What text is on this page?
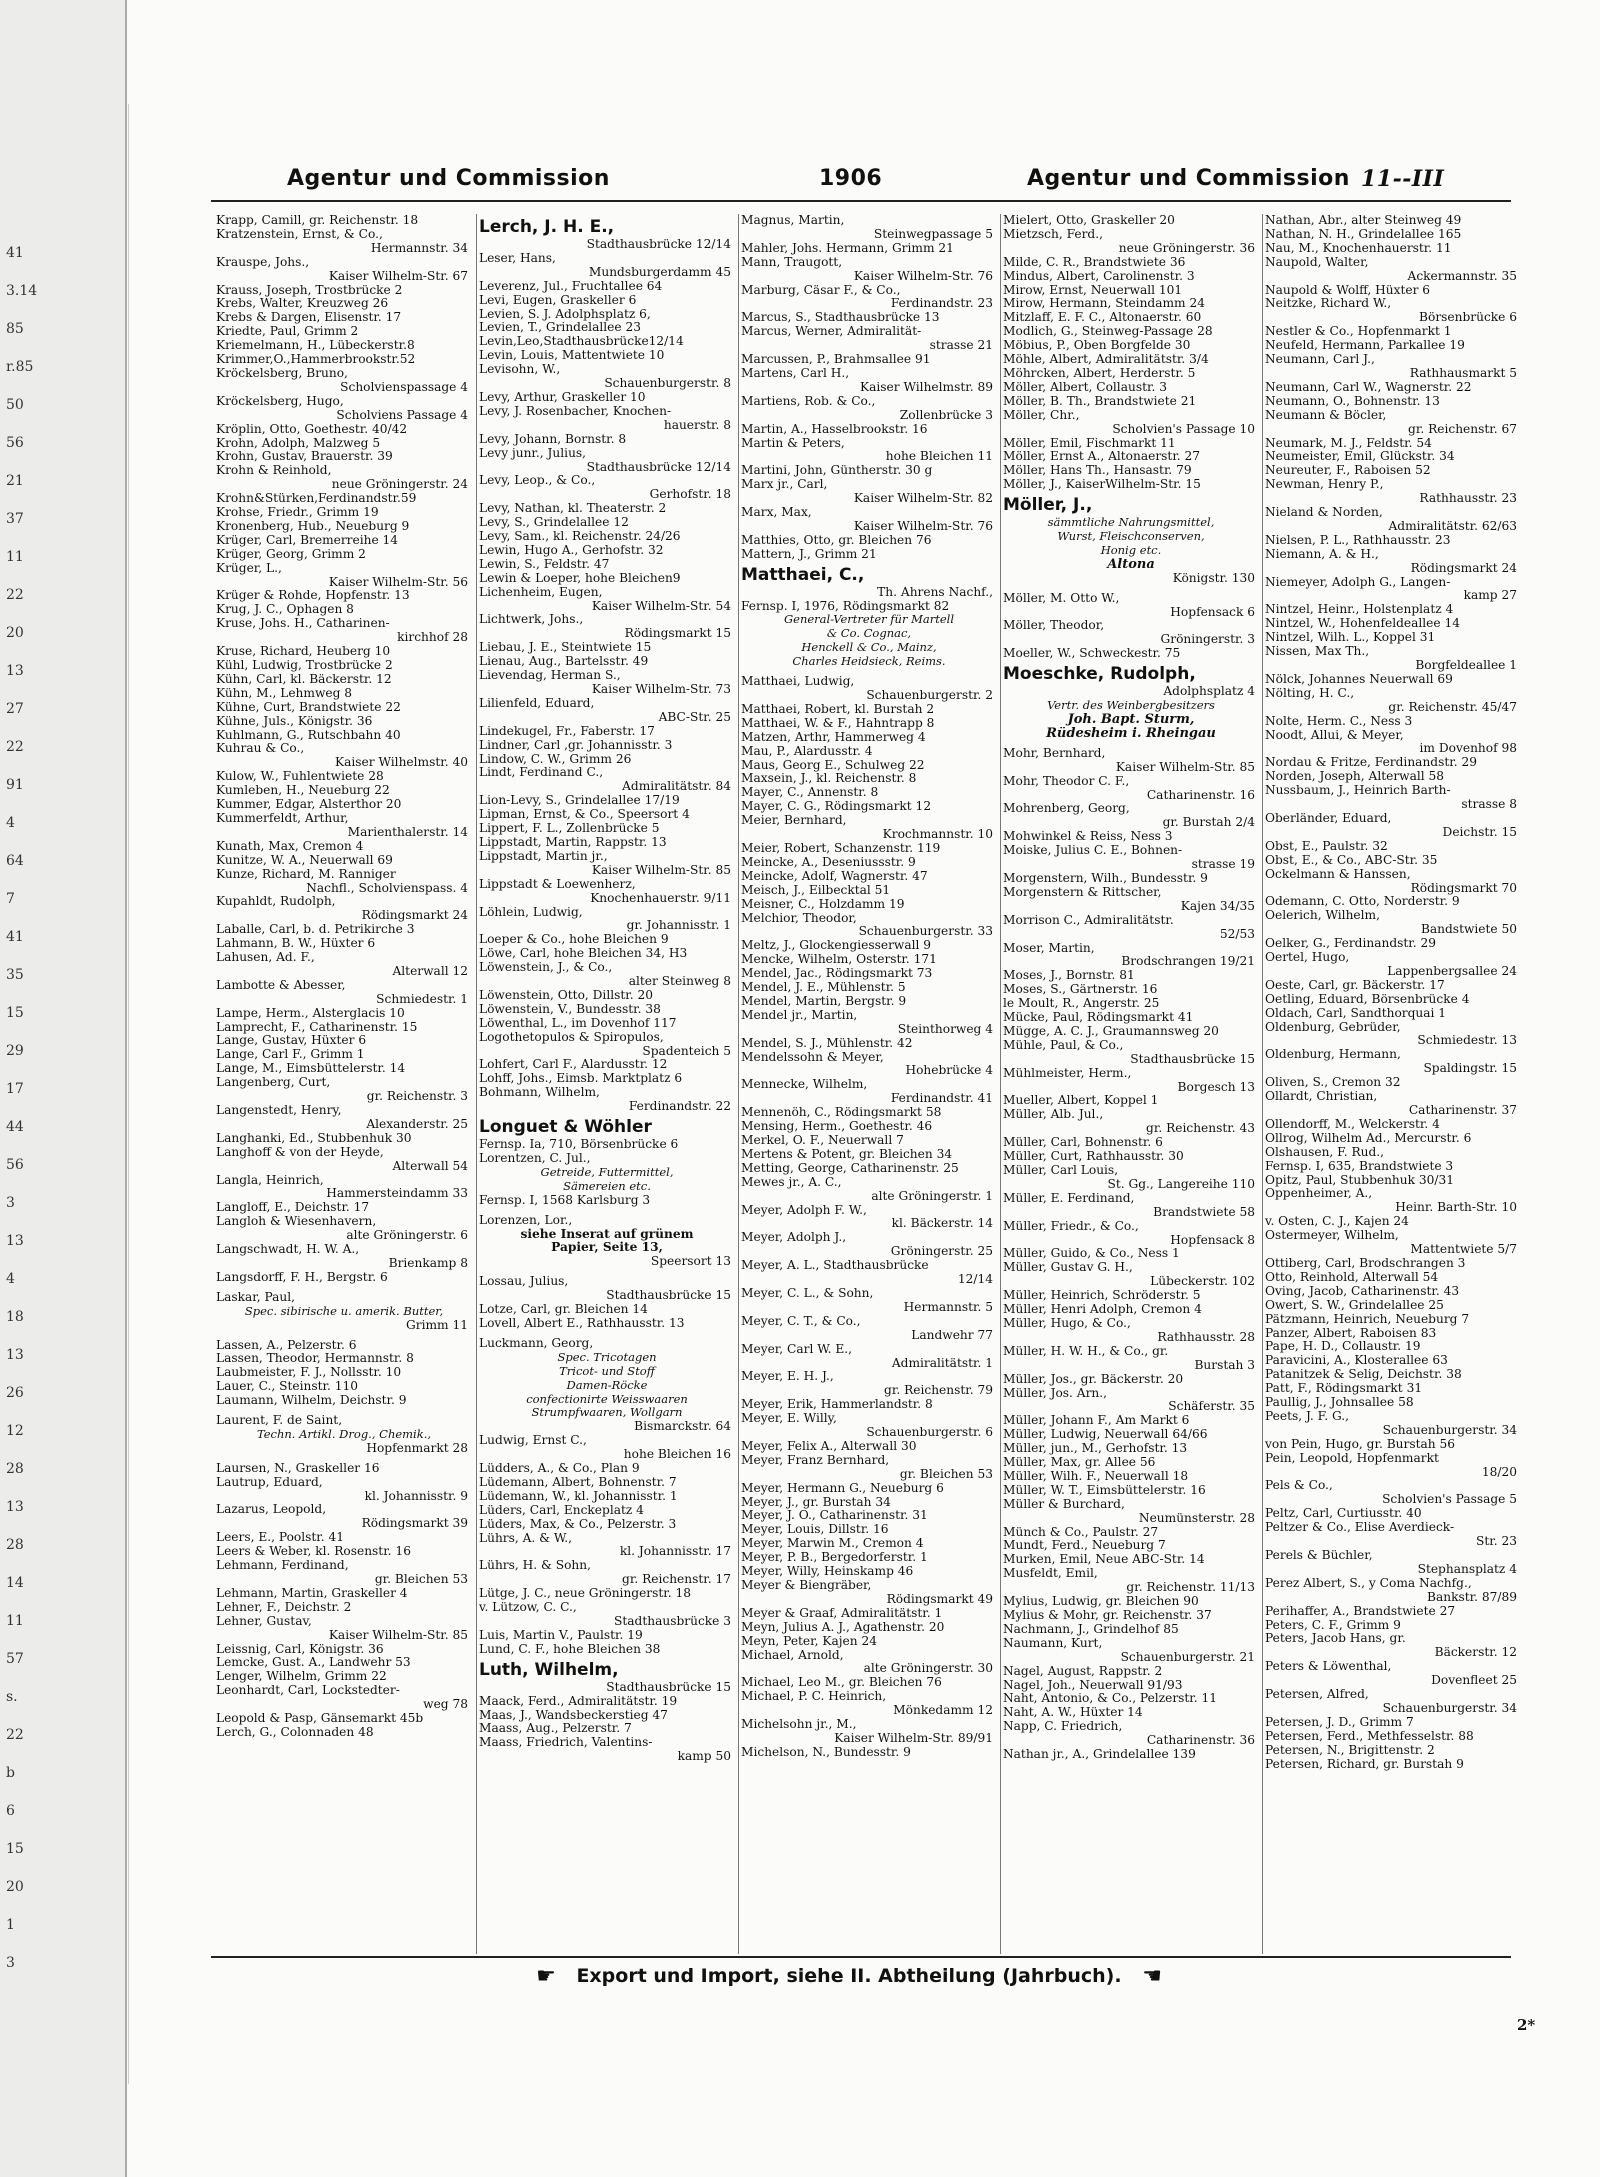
41
3.14
85
r.85
50
56
21
37
11
22
20
13
27
22
91
4
64
7
41
35
15
29
17
44
56
3
13
4
18
13
26
12
28
13
28
14
11
57
s.
22
b
6
15
20
1
3
Agentur und Commission	1906	Agentur und Commission 11--III
Krapp, Camill, gr. Reichenstr. 18
Kratzenstein, Ernst, & Co.,
Hermannstr. 34
Krauspe, Johs.,
Kaiser Wilhelm-Str. 67
Krauss, Joseph, Trostbrücke 2
Krebs, Walter, Kreuzweg 26
Krebs & Dargen, Elisenstr. 17
Kriedte, Paul, Grimm 2
Kriemelmann, H., Lübeckerstr.8
Krimmer,O.,Hammerbrookstr.52
Kröckelsberg, Bruno,
Scholvienspassage 4
Kröckelsberg, Hugo,
Scholviens Passage 4
Kröplin, Otto, Goethestr. 40/42
Krohn, Adolph, Malzweg 5
Krohn, Gustav, Brauerstr. 39
Krohn & Reinhold,
neue Gröningerstr. 24
Krohn&Stürken,Ferdinandstr.59
Krohse, Friedr., Grimm 19
Kronenberg, Hub., Neueburg 9
Krüger, Carl, Bremerreihe 14
Krüger, Georg, Grimm 2
Krüger, L.,
Kaiser Wilhelm-Str. 56
Krüger & Rohde, Hopfenstr. 13
Krug, J. C., Ophagen 8
Kruse, Johs. H., Catharinen-
kirchhof 28
Kruse, Richard, Heuberg 10
Kühl, Ludwig, Trostbrücke 2
Kühn, Carl, kl. Bäckerstr. 12
Kühn, M., Lehmweg 8
Kühne, Curt, Brandstwiete 22
Kühne, Juls., Königstr. 36
Kuhlmann, G., Rutschbahn 40
Kuhrau & Co.,
Kaiser Wilhelmstr. 40
Kulow, W., Fuhlentwiete 28
Kumleben, H., Neueburg 22
Kummer, Edgar, Alsterthor 20
Kummerfeldt, Arthur,
Marienthalerstr. 14
Kunath, Max, Cremon 4
Kunitze, W. A., Neuerwall 69
Kunze, Richard, M. Ranniger
Nachfl., Scholvienspass. 4
Kupahldt, Rudolph,
Rödingsmarkt 24
Laballe, Carl, b. d. Petrikirche 3
Lahmann, B. W., Hüxter 6
Lahusen, Ad. F.,
Alterwall 12
Lambotte & Abesser,
Schmiedestr. 1
Lampe, Herm., Alsterglacis 10
Lamprecht, F., Catharinenstr. 15
Lange, Gustav, Hüxter 6
Lange, Carl F., Grimm 1
Lange, M., Eimsbüttelerstr. 14
Langenberg, Curt,
gr. Reichenstr. 3
Langenstedt, Henry,
Alexanderstr. 25
Langhanki, Ed., Stubbenhuk 30
Langhoff & von der Heyde,
Alterwall 54
Langla, Heinrich,
Hammersteindamm 33
Langloff, E., Deichstr. 17
Langloh & Wiesenhavern,
alte Gröningerstr. 6
Langschwadt, H. W. A.,
Brienkamp 8
Langsdorff, F. H., Bergstr. 6
Laskar, Paul,
Spec. sibirische u. amerik. Butter,
Grimm 11
Lassen, A., Pelzerstr. 6
Lassen, Theodor, Hermannstr. 8
Laubmeister, F. J., Nollsstr. 10
Lauer, C., Steinstr. 110
Laumann, Wilhelm, Deichstr. 9
Laurent, F. de Saint,
Techn. Artikl. Drog., Chemik.,
Hopfenmarkt 28
Laursen, N., Graskeller 16
Lautrup, Eduard,
kl. Johannisstr. 9
Lazarus, Leopold,
Rödingsmarkt 39
Leers, E., Poolstr. 41
Leers & Weber, kl. Rosenstr. 16
Lehmann, Ferdinand,
gr. Bleichen 53
Lehmann, Martin, Graskeller 4
Lehner, F., Deichstr. 2
Lehner, Gustav,
Kaiser Wilhelm-Str. 85
Leissnig, Carl, Königstr. 36
Lemcke, Gust. A., Landwehr 53
Lenger, Wilhelm, Grimm 22
Leonhardt, Carl, Lockstedter-
weg 78
Leopold & Pasp, Gänsemarkt 45b
Lerch, G., Colonnaden 48
Lerch, J. H. E.,
Stadthausbrücke 12/14
Leser, Hans,
Mundsburgerdamm 45
Leverenz, Jul., Fruchtallee 64
Levi, Eugen, Graskeller 6
Levien, S. J. Adolphsplatz 6,
Levien, T., Grindelallee 23
Levin,Leo,Stadthausbrücke12/14
Levin, Louis, Mattentwiete 10
Levisohn, W.,
Schauenburgerstr. 8
Levy, Arthur, Graskeller 10
Levy, J. Rosenbacher, Knochen-
hauerstr. 8
Levy, Johann, Bornstr. 8
Levy junr., Julius,
Stadthausbrücke 12/14
Levy, Leop., & Co.,
Gerhofstr. 18
Levy, Nathan, kl. Theaterstr. 2
Levy, S., Grindelallee 12
Levy, Sam., kl. Reichenstr. 24/26
Lewin, Hugo A., Gerhofstr. 32
Lewin, S., Feldstr. 47
Lewin & Loeper, hohe Bleichen9
Lichenheim, Eugen,
Kaiser Wilhelm-Str. 54
Lichtwerk, Johs.,
Rödingsmarkt 15
Liebau, J. E., Steintwiete 15
Lienau, Aug., Bartelsstr. 49
Lievendag, Herman S.,
Kaiser Wilhelm-Str. 73
Lilienfeld, Eduard,
ABC-Str. 25
Lindekugel, Fr., Faberstr. 17
Lindner, Carl ,gr. Johannisstr. 3
Lindow, C. W., Grimm 26
Lindt, Ferdinand C.,
Admiralitätstr. 84
Lion-Levy, S., Grindelallee 17/19
Lipman, Ernst, & Co., Speersort 4
Lippert, F. L., Zollenbrücke 5
Lippstadt, Martin, Rappstr. 13
Lippstadt, Martin jr.,
Kaiser Wilhelm-Str. 85
Lippstadt & Loewenherz,
Knochenhauerstr. 9/11
Löhlein, Ludwig,
gr. Johannisstr. 1
Loeper & Co., hohe Bleichen 9
Löwe, Carl, hohe Bleichen 34, H3
Löwenstein, J., & Co.,
alter Steinweg 8
Löwenstein, Otto, Dillstr. 20
Löwenstein, V., Bundesstr. 38
Löwenthal, L., im Dovenhof 117
Logothetopulos & Spiropulos,
Spadenteich 5
Lohfert, Carl F., Alardusstr. 12
Lohff, Johs., Eimsb. Marktplatz 6
Bohmann, Wilhelm,
Ferdinandstr. 22
Longuet & Wöhler
Fernsp. Ia, 710, Börsenbrücke 6
Lorentzen, C. Jul.,
Getreide, Futtermittel,
Sämereien etc.
Fernsp. I, 1568 Karlsburg 3
Lorenzen, Lor.,
siehe Inserat auf grünem
Papier, Seite 13,
Speersort 13
Lossau, Julius,
Stadthausbrücke 15
Lotze, Carl, gr. Bleichen 14
Lovell, Albert E., Rathhausstr. 13
Luckmann, Georg,
Spec. Tricotagen
Tricot- und Stoff
Damen-Röcke
confectionirte Weisswaaren
Strumpfwaaren, Wollgarn
Bismarckstr. 64
Ludwig, Ernst C.,
hohe Bleichen 16
Lüdders, A., & Co., Plan 9
Lüdemann, Albert, Bohnenstr. 7
Lüdemann, W., kl. Johannisstr. 1
Lüders, Carl, Enckeplatz 4
Lüders, Max, & Co., Pelzerstr. 3
Lührs, A. & W.,
kl. Johannisstr. 17
Lührs, H. & Sohn,
gr. Reichenstr. 17
Lütge, J. C., neue Gröningerstr. 18
v. Lützow, C. C.,
Stadthausbrücke 3
Luis, Martin V., Paulstr. 19
Lund, C. F., hohe Bleichen 38
Luth, Wilhelm,
Stadthausbrücke 15
Maack, Ferd., Admiralitätstr. 19
Maas, J., Wandsbeckerstieg 47
Maass, Aug., Pelzerstr. 7
Maass, Friedrich, Valentins-
kamp 50
Magnus, Martin,
Steinwegpassage 5
Mahler, Johs. Hermann, Grimm 21
Mann, Traugott,
Kaiser Wilhelm-Str. 76
Marburg, Cäsar F., & Co.,
Ferdinandstr. 23
Marcus, S., Stadthausbrücke 13
Marcus, Werner, Admiralität-
strasse 21
Marcussen, P., Brahmsallee 91
Martens, Carl H.,
Kaiser Wilhelmstr. 89
Martiens, Rob. & Co.,
Zollenbrücke 3
Martin, A., Hasselbrookstr. 16
Martin & Peters,
hohe Bleichen 11
Martini, John, Güntherstr. 30 g
Marx jr., Carl,
Kaiser Wilhelm-Str. 82
Marx, Max,
Kaiser Wilhelm-Str. 76
Matthies, Otto, gr. Bleichen 76
Mattern, J., Grimm 21
Matthaei, C.,
Th. Ahrens Nachf.,
Fernsp. I, 1976, Rödingsmarkt 82
General-Vertreter für Martell
& Co. Cognac,
Henckell & Co., Mainz,
Charles Heidsieck, Reims.
Matthaei, Ludwig,
Schauenburgerstr. 2
Matthaei, Robert, kl. Burstah 2
Matthaei, W. & F., Hahntrapp 8
Matzen, Arthr, Hammerweg 4
Mau, P., Alardusstr. 4
Maus, Georg E., Schulweg 22
Maxsein, J., kl. Reichenstr. 8
Mayer, C., Annenstr. 8
Mayer, C. G., Rödingsmarkt 12
Meier, Bernhard,
Krochmannstr. 10
Meier, Robert, Schanzenstr. 119
Meincke, A., Deseniussstr. 9
Meincke, Adolf, Wagnerstr. 47
Meisch, J., Eilbecktal 51
Meisner, C., Holzdamm 19
Melchior, Theodor,
Schauenburgerstr. 33
Meltz, J., Glockengiesserwall 9
Mencke, Wilhelm, Osterstr. 171
Mendel, Jac., Rödingsmarkt 73
Mendel, J. E., Mühlenstr. 5
Mendel, Martin, Bergstr. 9
Mendel jr., Martin,
Steinthorweg 4
Mendel, S. J., Mühlenstr. 42
Mendelssohn & Meyer,
Hohebrücke 4
Mennecke, Wilhelm,
Ferdinandstr. 41
Mennenöh, C., Rödingsmarkt 58
Mensing, Herm., Goethestr. 46
Merkel, O. F., Neuerwall 7
Mertens & Potent, gr. Bleichen 34
Metting, George, Catharinenstr. 25
Mewes jr., A. C.,
alte Gröningerstr. 1
Meyer, Adolph F. W.,
kl. Bäckerstr. 14
Meyer, Adolph J.,
Gröningerstr. 25
Meyer, A. L., Stadthausbrücke
12/14
Meyer, C. L., & Sohn,
Hermannstr. 5
Meyer, C. T., & Co.,
Landwehr 77
Meyer, Carl W. E.,
Admiralitätstr. 1
Meyer, E. H. J.,
gr. Reichenstr. 79
Meyer, Erik, Hammerlandstr. 8
Meyer, E. Willy,
Schauenburgerstr. 6
Meyer, Felix A., Alterwall 30
Meyer, Franz Bernhard,
gr. Bleichen 53
Meyer, Hermann G., Neueburg 6
Meyer, J., gr. Burstah 34
Meyer, J. O., Catharinenstr. 31
Meyer, Louis, Dillstr. 16
Meyer, Marwin M., Cremon 4
Meyer, P. B., Bergedorferstr. 1
Meyer, Willy, Heinskamp 46
Meyer & Biengräber,
Rödingsmarkt 49
Meyer & Graaf, Admiralitätstr. 1
Meyn, Julius A. J., Agathenstr. 20
Meyn, Peter, Kajen 24
Michael, Arnold,
alte Gröningerstr. 30
Michael, Leo M., gr. Bleichen 76
Michael, P. C. Heinrich,
Mönkedamm 12
Michelsohn jr., M.,
Kaiser Wilhelm-Str. 89/91
Michelson, N., Bundesstr. 9
Mielert, Otto, Graskeller 20
Mietzsch, Ferd.,
neue Gröningerstr. 36
Milde, C. R., Brandstwiete 36
Mindus, Albert, Carolinenstr. 3
Mirow, Ernst, Neuerwall 101
Mirow, Hermann, Steindamm 24
Mitzlaff, E. F. C., Altonaerstr. 60
Modlich, G., Steinweg-Passage 28
Möbius, P., Oben Borgfelde 30
Möhle, Albert, Admiralitätstr. 3/4
Möhrcken, Albert, Herderstr. 5
Möller, Albert, Collaustr. 3
Möller, B. Th., Brandstwiete 21
Möller, Chr.,
Scholvien's Passage 10
Möller, Emil, Fischmarkt 11
Möller, Ernst A., Altonaerstr. 27
Möller, Hans Th., Hansastr. 79
Möller, J., KaiserWilhelm-Str. 15
Möller, J.,
sämmtliche Nahrungsmittel,
Wurst, Fleischconserven,
Honig etc.
Altona
Königstr. 130
Möller, M. Otto W.,
Hopfensack 6
Möller, Theodor,
Gröningerstr. 3
Moeller, W., Schweckestr. 75
Moeschke, Rudolph,
Adolphsplatz 4
Vertr. des Weinbergbesitzers
Joh. Bapt. Sturm,
Rüdesheim i. Rheingau
Mohr, Bernhard,
Kaiser Wilhelm-Str. 85
Mohr, Theodor C. F.,
Catharinenstr. 16
Mohrenberg, Georg,
gr. Burstah 2/4
Mohwinkel & Reiss, Ness 3
Moiske, Julius C. E., Bohnen-
strasse 19
Morgenstern, Wilh., Bundesstr. 9
Morgenstern & Rittscher,
Kajen 34/35
Morrison C., Admiralitätstr.
52/53
Moser, Martin,
Brodschrangen 19/21
Moses, J., Bornstr. 81
Moses, S., Gärtnerstr. 16
le Moult, R., Angerstr. 25
Mücke, Paul, Rödingsmarkt 41
Mügge, A. C. J., Graumannsweg 20
Mühle, Paul, & Co.,
Stadthausbrücke 15
Mühlmeister, Herm.,
Borgesch 13
Mueller, Albert, Koppel 1
Müller, Alb. Jul.,
gr. Reichenstr. 43
Müller, Carl, Bohnenstr. 6
Müller, Curt, Rathhausstr. 30
Müller, Carl Louis,
St. Gg., Langereihe 110
Müller, E. Ferdinand,
Brandstwiete 58
Müller, Friedr., & Co.,
Hopfensack 8
Müller, Guido, & Co., Ness 1
Müller, Gustav G. H.,
Lübeckerstr. 102
Müller, Heinrich, Schröderstr. 5
Müller, Henri Adolph, Cremon 4
Müller, Hugo, & Co.,
Rathhausstr. 28
Müller, H. W. H., & Co., gr.
Burstah 3
Müller, Jos., gr. Bäckerstr. 20
Müller, Jos. Arn.,
Schäferstr. 35
Müller, Johann F., Am Markt 6
Müller, Ludwig, Neuerwall 64/66
Müller, jun., M., Gerhofstr. 13
Müller, Max, gr. Allee 56
Müller, Wilh. F., Neuerwall 18
Müller, W. T., Eimsbüttelerstr. 16
Müller & Burchard,
Neumünsterstr. 28
Münch & Co., Paulstr. 27
Mundt, Ferd., Neueburg 7
Murken, Emil, Neue ABC-Str. 14
Musfeldt, Emil,
gr. Reichenstr. 11/13
Mylius, Ludwig, gr. Bleichen 90
Mylius & Mohr, gr. Reichenstr. 37
Nachmann, J., Grindelhof 85
Naumann, Kurt,
Schauenburgerstr. 21
Nagel, August, Rappstr. 2
Nagel, Joh., Neuerwall 91/93
Naht, Antonio, & Co., Pelzerstr. 11
Naht, A. W., Hüxter 14
Napp, C. Friedrich,
Catharinenstr. 36
Nathan jr., A., Grindelallee 139
Nathan, Abr., alter Steinweg 49
Nathan, N. H., Grindelallee 165
Nau, M., Knochenhauerstr. 11
Naupold, Walter,
Ackermannstr. 35
Naupold & Wolff, Hüxter 6
Neitzke, Richard W.,
Börsenbrücke 6
Nestler & Co., Hopfenmarkt 1
Neufeld, Hermann, Parkallee 19
Neumann, Carl J.,
Rathhausmarkt 5
Neumann, Carl W., Wagnerstr. 22
Neumann, O., Bohnenstr. 13
Neumann & Böcler,
gr. Reichenstr. 67
Neumark, M. J., Feldstr. 54
Neumeister, Emil, Glückstr. 34
Neureuter, F., Raboisen 52
Newman, Henry P.,
Rathhausstr. 23
Nieland & Norden,
Admiralitätstr. 62/63
Nielsen, P. L., Rathhausstr. 23
Niemann, A. & H.,
Rödingsmarkt 24
Niemeyer, Adolph G., Langen-
kamp 27
Nintzel, Heinr., Holstenplatz 4
Nintzel, W., Hohenfeldeallee 14
Nintzel, Wilh. L., Koppel 31
Nissen, Max Th.,
Borgfeldeallee 1
Nölck, Johannes Neuerwall 69
Nölting, H. C.,
gr. Reichenstr. 45/47
Nolte, Herm. C., Ness 3
Noodt, Allui, & Meyer,
im Dovenhof 98
Nordau & Fritze, Ferdinandstr. 29
Norden, Joseph, Alterwall 58
Nussbaum, J., Heinrich Barth-
strasse 8
Oberländer, Eduard,
Deichstr. 15
Obst, E., Paulstr. 32
Obst, E., & Co., ABC-Str. 35
Ockelmann & Hanssen,
Rödingsmarkt 70
Odemann, C. Otto, Norderstr. 9
Oelerich, Wilhelm,
Bandstwiete 50
Oelker, G., Ferdinandstr. 29
Oertel, Hugo,
Lappenbergsallee 24
Oeste, Carl, gr. Bäckerstr. 17
Oetling, Eduard, Börsenbrücke 4
Oldach, Carl, Sandthorquai 1
Oldenburg, Gebrüder,
Schmiedestr. 13
Oldenburg, Hermann,
Spaldingstr. 15
Oliven, S., Cremon 32
Ollardt, Christian,
Catharinenstr. 37
Ollendorff, M., Welckerstr. 4
Ollrog, Wilhelm Ad., Mercurstr. 6
Olshausen, F. Rud.,
Fernsp. I, 635, Brandstwiete 3
Opitz, Paul, Stubbenhuk 30/31
Oppenheimer, A.,
Heinr. Barth-Str. 10
v. Osten, C. J., Kajen 24
Ostermeyer, Wilhelm,
Mattentwiete 5/7
Ottiberg, Carl, Brodschrangen 3
Otto, Reinhold, Alterwall 54
Oving, Jacob, Catharinenstr. 43
Owert, S. W., Grindelallee 25
Pätzmann, Heinrich, Neueburg 7
Panzer, Albert, Raboisen 83
Pape, H. D., Collaustr. 19
Paravicini, A., Klosterallee 63
Patanitzek & Selig, Deichstr. 38
Patt, F., Rödingsmarkt 31
Paullig, J., Johnsallee 58
Peets, J. F. G.,
Schauenburgerstr. 34
von Pein, Hugo, gr. Burstah 56
Pein, Leopold, Hopfenmarkt
18/20
Pels & Co.,
Scholvien's Passage 5
Peltz, Carl, Curtiusstr. 40
Peltzer & Co., Elise Averdieck-
Str. 23
Perels & Büchler,
Stephansplatz 4
Perez Albert, S., y Coma Nachfg.,
Bankstr. 87/89
Perihaffer, A., Brandstwiete 27
Peters, C. F., Grimm 9
Peters, Jacob Hans, gr.
Bäckerstr. 12
Peters & Löwenthal,
Dovenfleet 25
Petersen, Alfred,
Schauenburgerstr. 34
Petersen, J. D., Grimm 7
Petersen, Ferd., Methfesselstr. 88
Petersen, N., Brigittenstr. 2
Petersen, Richard, gr. Burstah 9
☛ Export und Import, siehe II. Abtheilung (Jahrbuch). ☚
2*
